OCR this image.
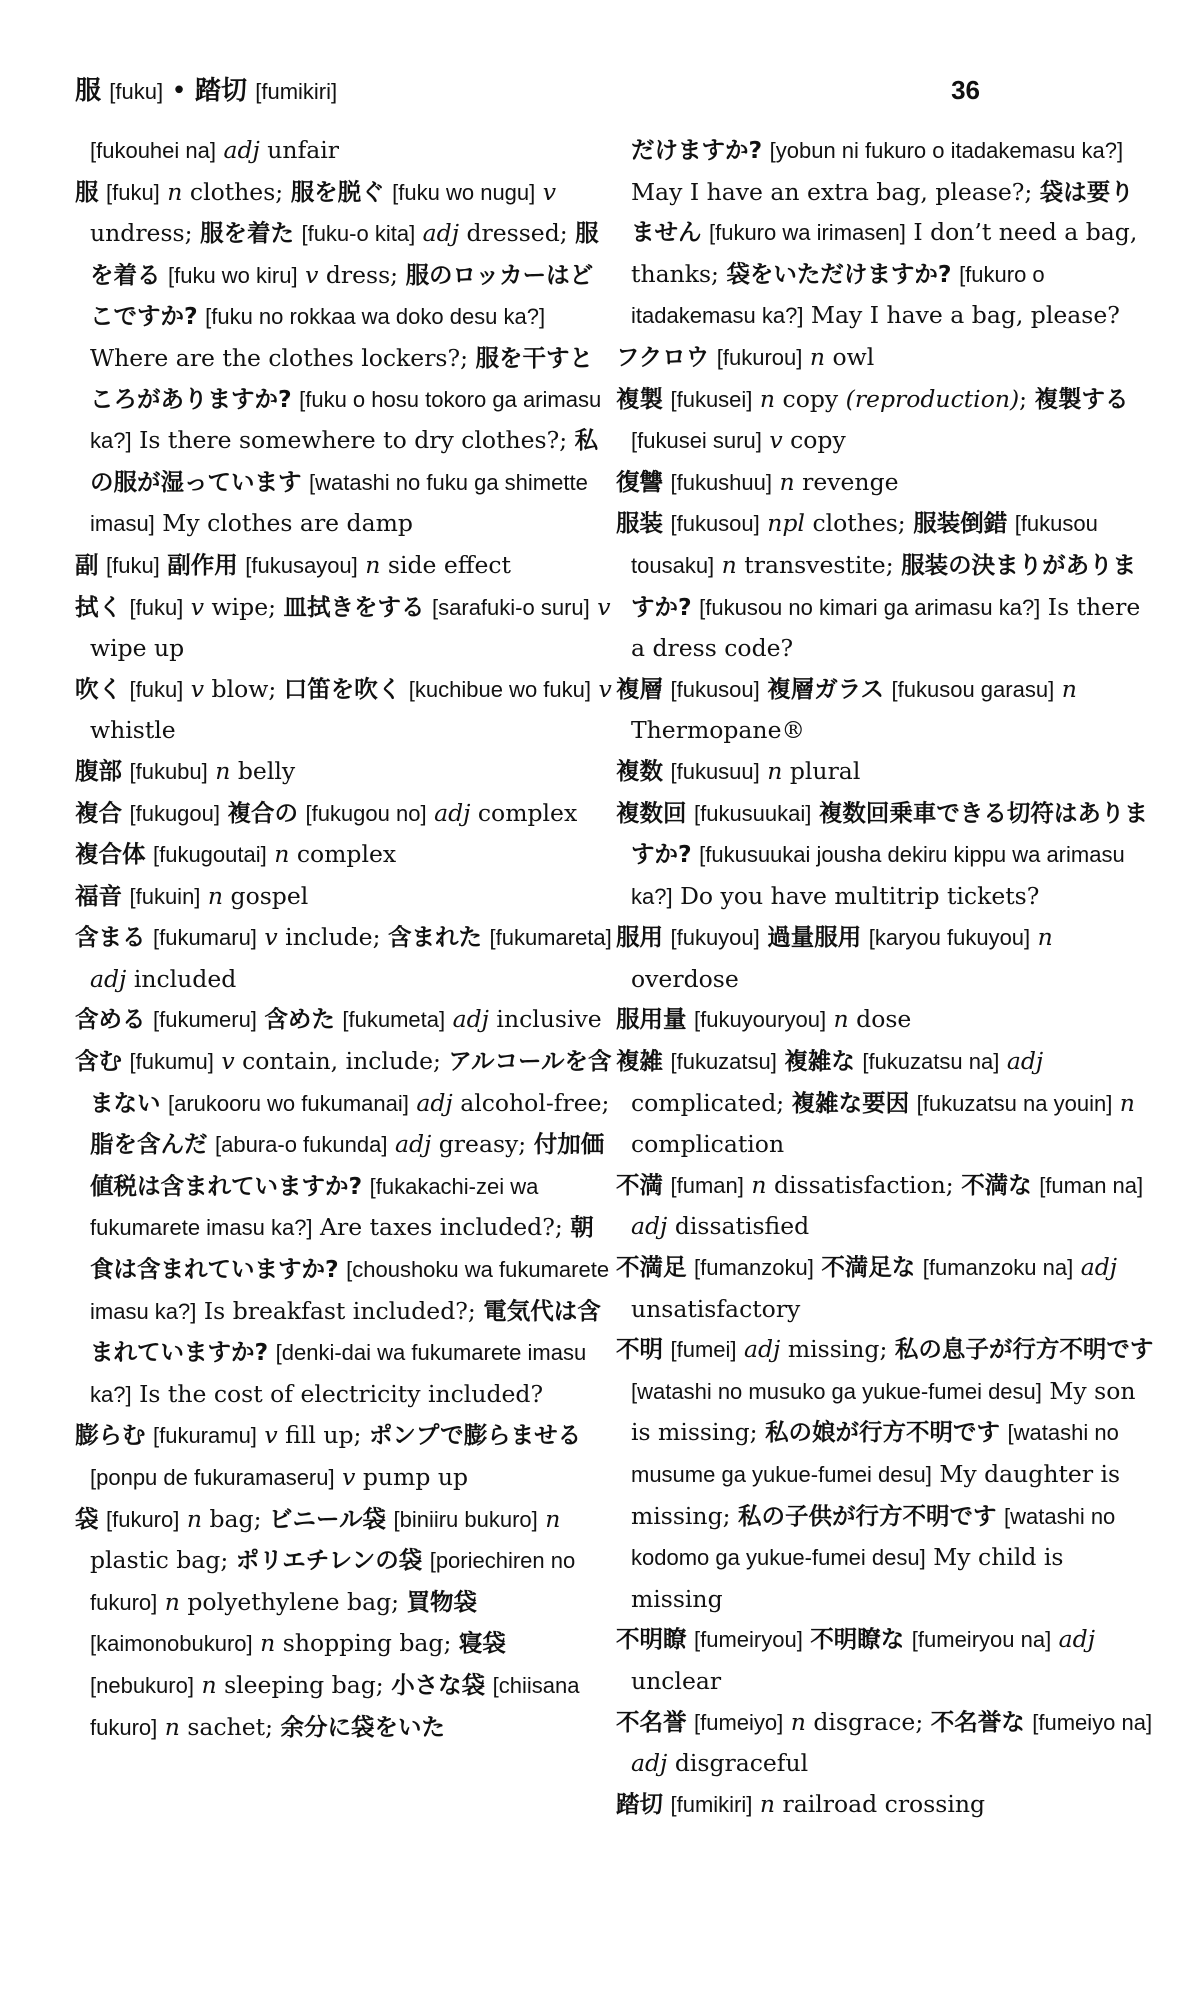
服 [fuku] • 踏切 [fumikiri]	36
[fukouhei na] adj unfair
服 [fuku] n clothes; 服を脱ぐ [fuku wo nugu] v undress; 服を着た [fuku-o kita] adj dressed; 服を着る [fuku wo kiru] v dress; 服のロッカーはどこですか? [fuku no rokkaa wa doko desu ka?] Where are the clothes lockers?; 服を干すところがありますか? [fuku o hosu tokoro ga arimasu ka?] Is there somewhere to dry clothes?; 私の服が湿っています [watashi no fuku ga shimette imasu] My clothes are damp
副 [fuku] 副作用 [fukusayou] n side effect
拭く [fuku] v wipe; 皿拭きをする [sarafuki-o suru] v wipe up
吹く [fuku] v blow; 口笛を吹く [kuchibue wo fuku] v whistle
腹部 [fukubu] n belly
複合 [fukugou] 複合の [fukugou no] adj complex
複合体 [fukugoutai] n complex
福音 [fukuin] n gospel
含まる [fukumaru] v include; 含まれた [fukumareta] adj included
含める [fukumeru] 含めた [fukumeta] adj inclusive
含む [fukumu] v contain, include; アルコールを含まない [arukooru wo fukumanai] adj alcohol-free; 脂を含んだ [abura-o fukunda] adj greasy; 付加価値税は含まれていますか? [fukakachi-zei wa fukumarete imasu ka?] Are taxes included?; 朝食は含まれていますか? [choushoku wa fukumarete imasu ka?] Is breakfast included?; 電気代は含まれていますか? [denki-dai wa fukumarete imasu ka?] Is the cost of electricity included?
膨らむ [fukuramu] v fill up; ポンプで膨らませる [ponpu de fukuramaseru] v pump up
袋 [fukuro] n bag; ビニール袋 [biniiru bukuro] n plastic bag; ポリエチレンの袋 [poriechiren no fukuro] n polyethylene bag; 買物袋 [kaimonobukuro] n shopping bag; 寝袋 [nebukuro] n sleeping bag; 小さな袋 [chiisana fukuro] n sachet; 余分に袋をいた
だけますか? [yobun ni fukuro o itadakemasu ka?] May I have an extra bag, please?; 袋は要りません [fukuro wa irimasen] I don’t need a bag, thanks; 袋をいただけますか? [fukuro o itadakemasu ka?] May I have a bag, please?
フクロウ [fukurou] n owl
複製 [fukusei] n copy (reproduction); 複製する [fukusei suru] v copy
復讐 [fukushuu] n revenge
服装 [fukusou] npl clothes; 服装倒錯 [fukusou tousaku] n transvestite; 服装の決まりがありますか? [fukusou no kimari ga arimasu ka?] Is there a dress code?
複層 [fukusou] 複層ガラス [fukusou garasu] n Thermopane®
複数 [fukusuu] n plural
複数回 [fukusuukai] 複数回乗車できる切符はありますか? [fukusuukai jousha dekiru kippu wa arimasu ka?] Do you have multitrip tickets?
服用 [fukuyou] 過量服用 [karyou fukuyou] n overdose
服用量 [fukuyouryou] n dose
複雑 [fukuzatsu] 複雑な [fukuzatsu na] adj complicated; 複雑な要因 [fukuzatsu na youin] n complication
不満 [fuman] n dissatisfaction; 不満な [fuman na] adj dissatisfied
不満足 [fumanzoku] 不満足な [fumanzoku na] adj unsatisfactory
不明 [fumei] adj missing; 私の息子が行方不明です [watashi no musuko ga yukue-fumei desu] My son is missing; 私の娘が行方不明です [watashi no musume ga yukue-fumei desu] My daughter is missing; 私の子供が行方不明です [watashi no kodomo ga yukue-fumei desu] My child is missing
不明瞭 [fumeiryou] 不明瞭な [fumeiryou na] adj unclear
不名誉 [fumeiyo] n disgrace; 不名誉な [fumeiyo na] adj disgraceful
踏切 [fumikiri] n railroad crossing
